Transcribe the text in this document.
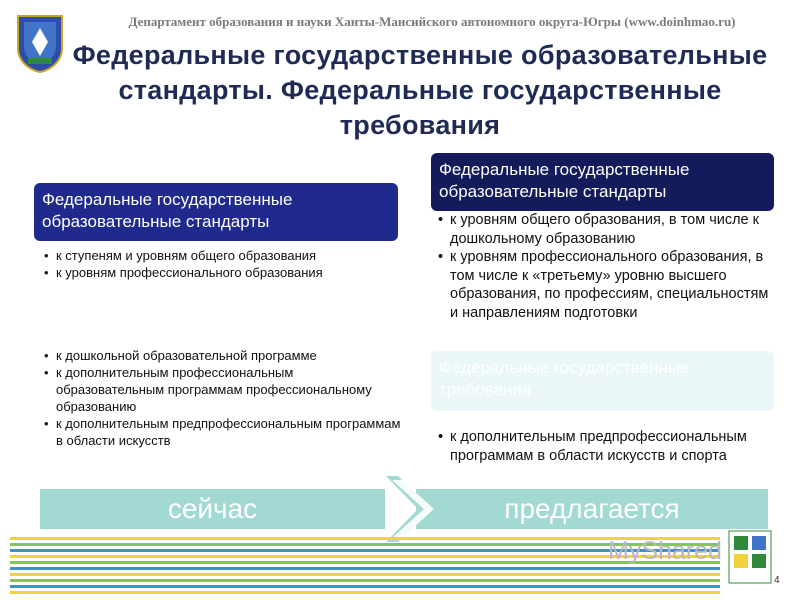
Департамент образования и науки Ханты-Мансийского автономного округа-Югры (www.doinhmao.ru)
Федеральные государственные образовательные стандарты. Федеральные государственные требования
Федеральные государственные образовательные стандарты
• к ступеням и уровням общего образования
• к уровням профессионального образования
• к дошкольной образовательной программе
• к дополнительным профессиональным образовательным программам профессиональному образованию
• к дополнительным предпрофессиональным программам в области искусств
Федеральные государственные образовательные стандарты
• к уровням общего образования, в том числе к дошкольному образованию
• к уровням профессионального образования, в том числе к «третьему» уровню высшего образования, по профессиям, специальностям и направлениям подготовки
Федеральные государственные требования
• к дополнительным предпрофессиональным программам в области искусств и спорта
сейчас	предлагается
MyShared
4
